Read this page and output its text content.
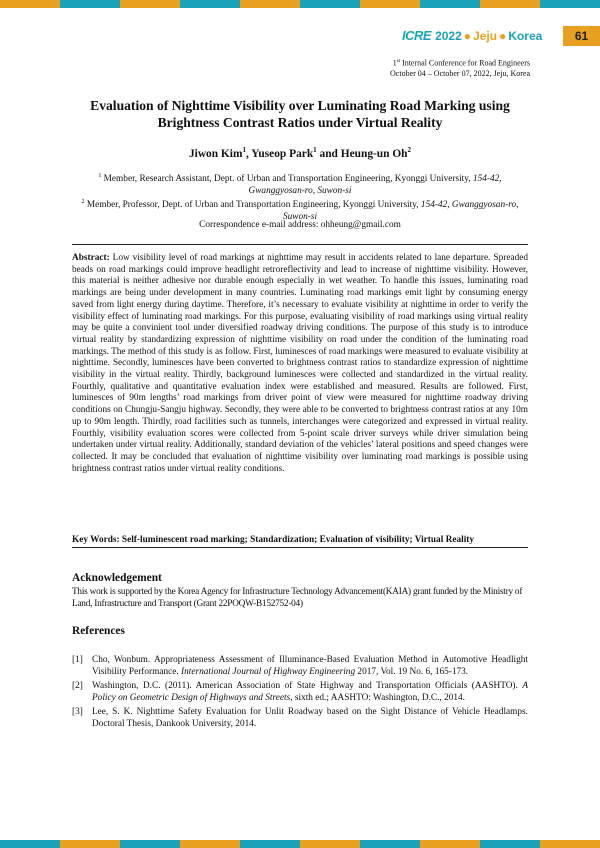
ICRE 2022 ● Jeju ● Korea	61
1st Internal Conference for Road Engineers
October 04 – October 07, 2022, Jeju, Korea
Evaluation of Nighttime Visibility over Luminating Road Marking using Brightness Contrast Ratios under Virtual Reality
Jiwon Kim$^1$, Yuseop Park$^1$ and Heung-un Oh$^2$
$^1$ Member, Research Assistant, Dept. of Urban and Transportation Engineering, Kyonggi University, 154-42, Gwanggyosan-ro, Suwon-si
$^2$ Member, Professor, Dept. of Urban and Transportation Engineering, Kyonggi University, 154-42, Gwanggyosan-ro, Suwon-si
Correspondence e-mail address: ohheung@gmail.com

Abstract: Low visibility level of road markings at nighttime may result in accidents related to lane departure. Spreaded beads on road markings could improve headlight retroreflectivity and lead to increase of nighttime visibility. However, this material is neither adhesive nor durable enough especially in wet weather. To handle this issues, luminating road markings are being under development in many countries. Luminating road markings emit light by consuming energy saved from light energy during daytime. Therefore, it’s necessary to evaluate visibility at nighttime in order to verify the visibility effect of luminating road markings. For this purpose, evaluating visibility of road markings using virtual reality may be quite a convinient tool under diversified roadway driving conditions. The purpose of this study is to introduce virtual reality by standardizing expression of nighttime visibility on road under the condition of the luminating road markings. The method of this study is as follow. First, luminesces of road markings were measured to evaluate visibility at nighttime. Secondly, luminesces have been converted to brightness contrast ratios to standardize expression of nighttime visibility in the virtual reality. Thirdly, background luminesces were collected and standardized in the virtual reality. Fourthly, qualitative and quantitative evaluation index were established and measured. Results are followed. First, luminesces of 90m lengths’ road markings from driver point of view were measured for nighttime roadway driving conditions on Chungju-Sangju highway. Secondly, they were able to be converted to brightness contrast ratios at any 10m up to 90m length. Thirdly, road facilities such as tunnels, interchanges were categorized and expressed in virtual reality. Fourthly, visibility evaluation scores were collected from 5-point scale driver surveys while driver simulation being undertaken under virtual reality. Additionally, standard deviation of the vehicles’ lateral positions and speed changes were collected. It may be concluded that evaluation of nighttime visibility over luminating road markings is possible using brightness contrast ratios under virtual reality conditions.

Key Words: Self-luminescent road marking; Standardization; Evaluation of visibility; Virtual Reality
Acknowledgement
This work is supported by the Korea Agency for Infrastructure Technology Advancement(KAIA) grant funded by the Ministry of Land, Infrastructure and Transport (Grant 22POQW-B152752-04)
References
[1] Cho, Wonbum. Appropriateness Assessment of Illuminance-Based Evaluation Method in Automotive Headlight Visibility Performance. International Journal of Highway Engineering 2017, Vol. 19 No. 6, 165-173.
[2] Washington, D.C. (2011). American Association of State Highway and Transportation Officials (AASHTO). A Policy on Geometric Design of Highways and Streets, sixth ed.; AASHTO: Washington, D.C., 2014.
[3] Lee, S. K. Nighttime Safety Evaluation for Unlit Roadway based on the Sight Distance of Vehicle Headlamps. Doctoral Thesis, Dankook University, 2014.
